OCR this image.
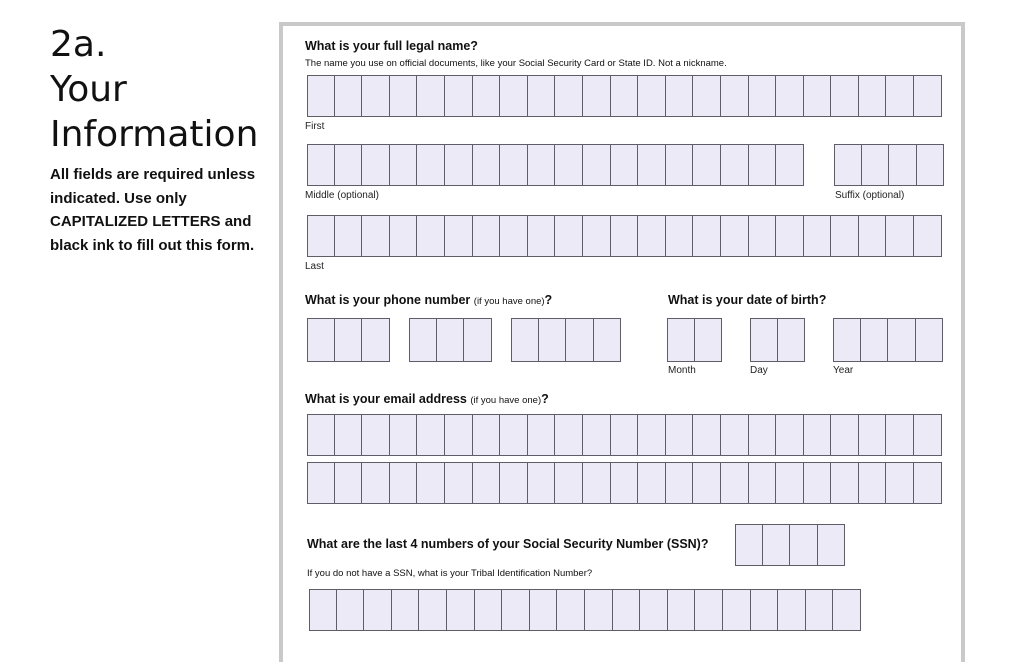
2a.
Your
Information
All fields are required unless indicated. Use only CAPITALIZED LETTERS and black ink to fill out this form.
What is your full legal name?
The name you use on official documents, like your Social Security Card or State ID. Not a nickname.
First
Middle (optional)	Suffix (optional)
Last
What is your phone number (if you have one)?	What is your date of birth?
Month	Day	Year
What is your email address (if you have one)?
What are the last 4 numbers of your Social Security Number (SSN)?
If you do not have a SSN, what is your Tribal Identification Number?
